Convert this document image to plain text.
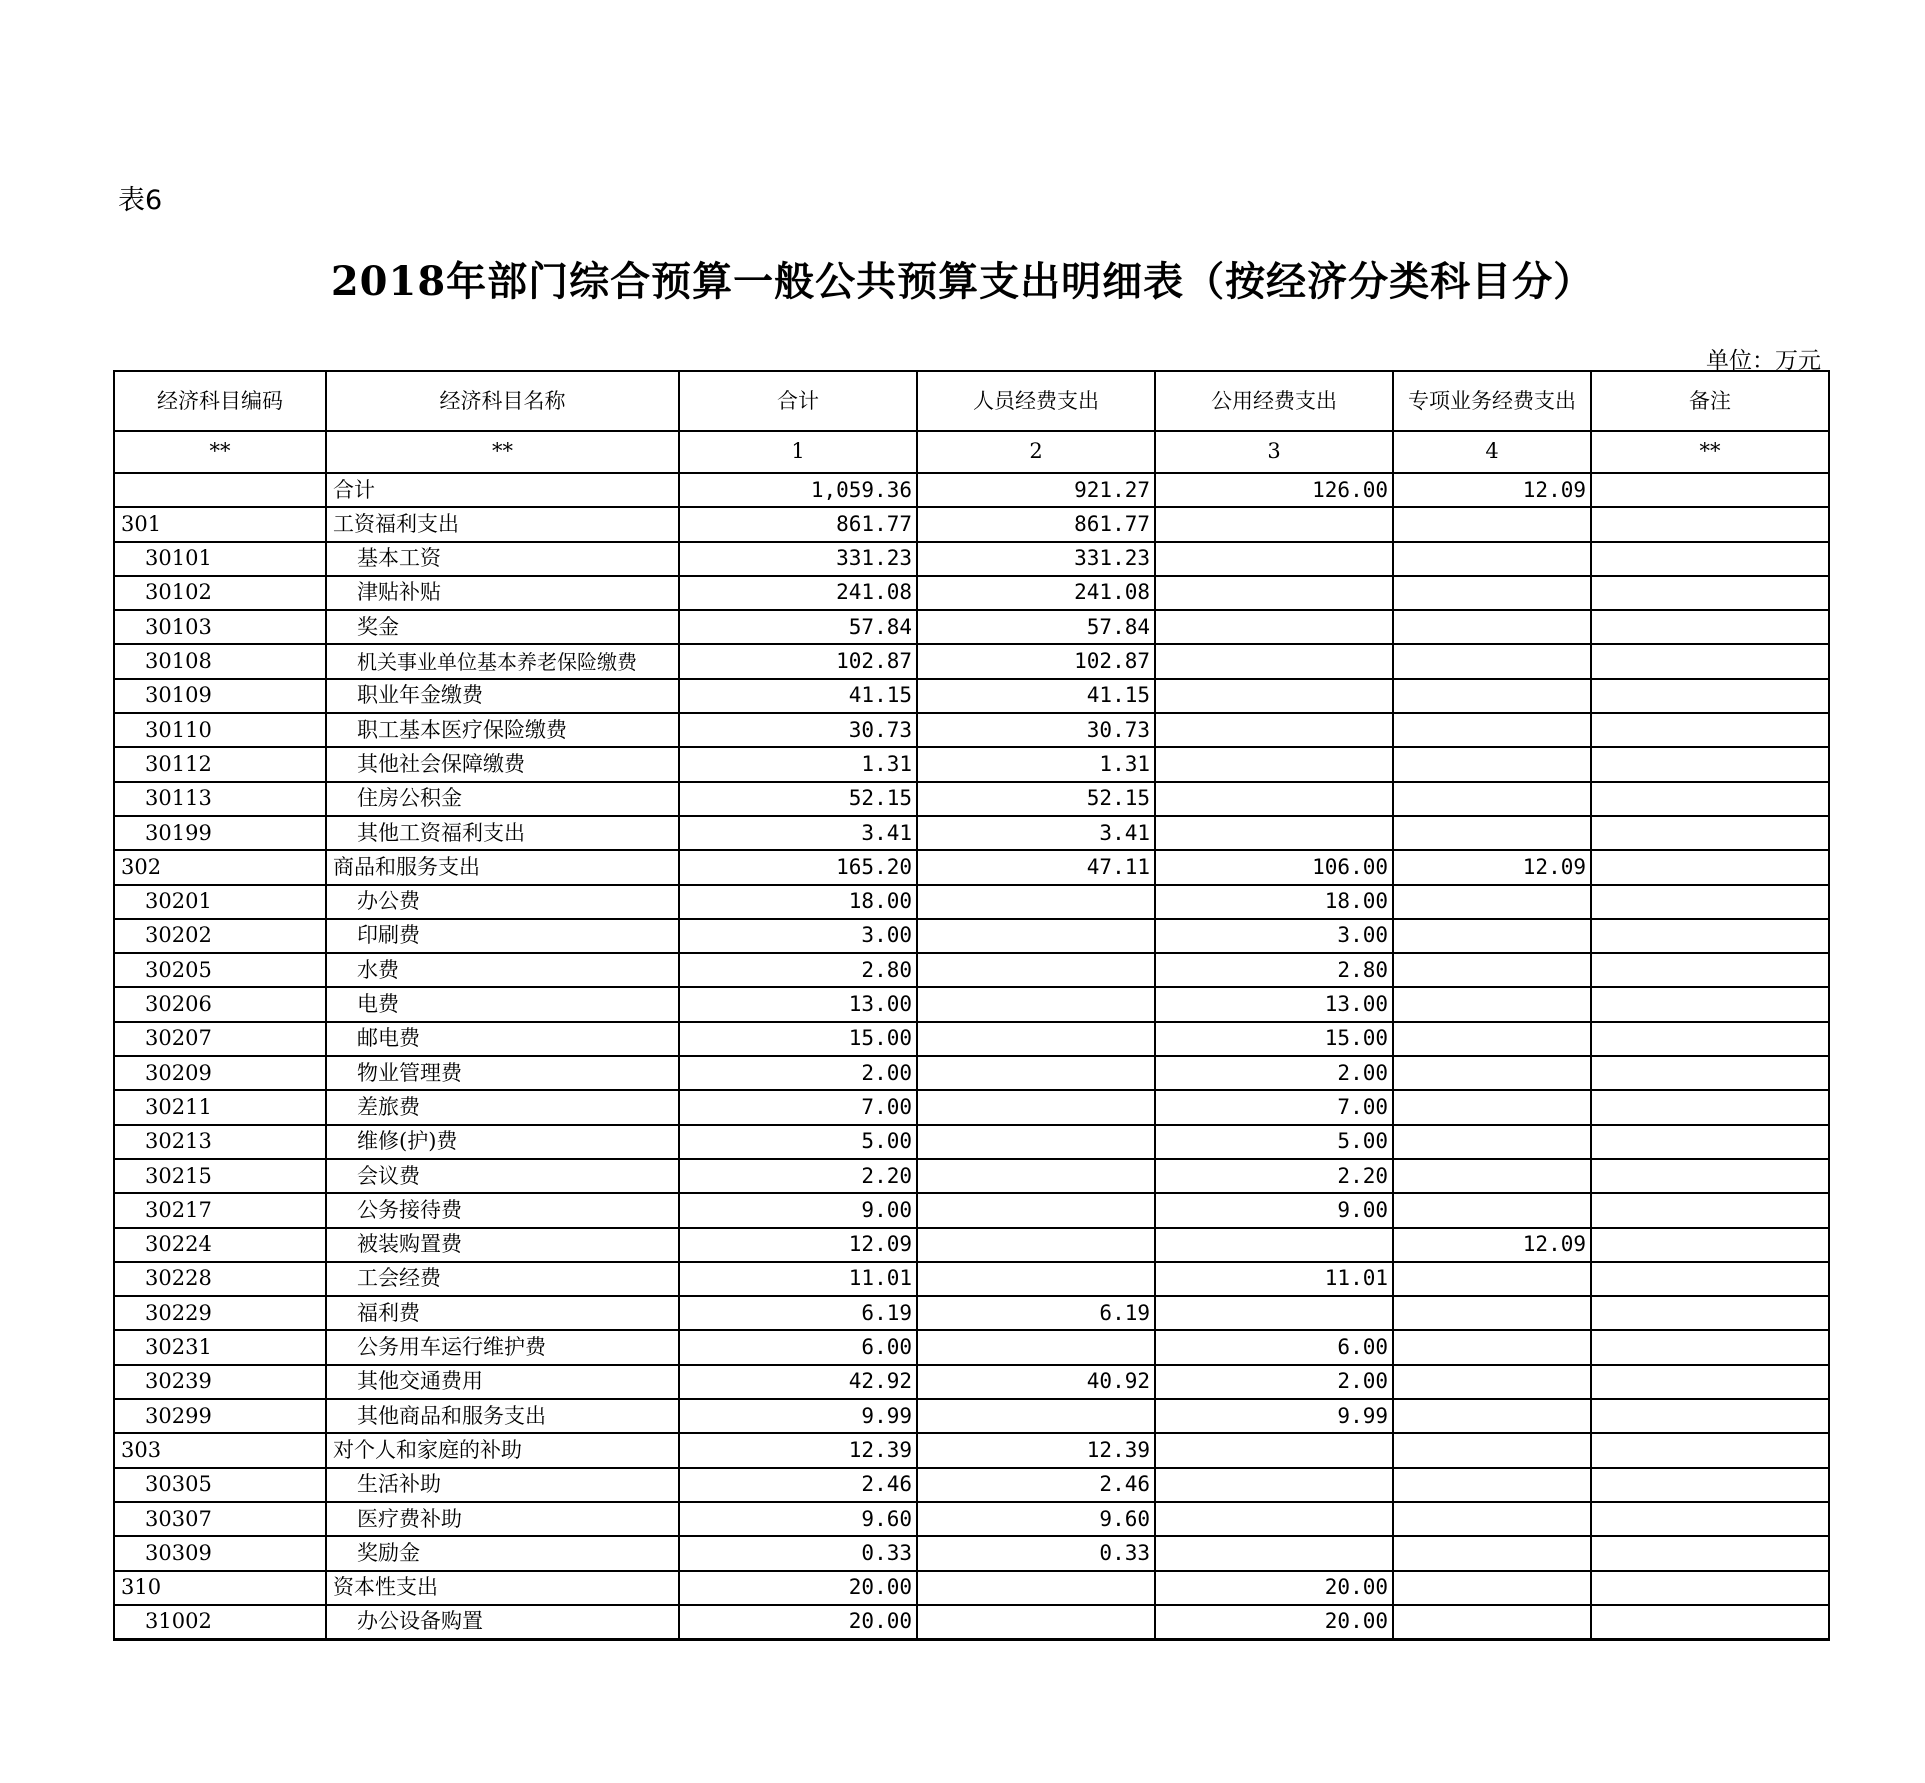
表6
2018年部门综合预算一般公共预算支出明细表（按经济分类科目分）
单位：万元
经济科目编码	经济科目名称	合计	人员经费支出	公用经费支出	专项业务经费支出	备注
**	**	1	2	3	4	**
	合计	1,059.36	921.27	126.00	12.09	
301	工资福利支出	861.77	861.77			
30101	基本工资	331.23	331.23			
30102	津贴补贴	241.08	241.08			
30103	奖金	57.84	57.84			
30108	机关事业单位基本养老保险缴费	102.87	102.87			
30109	职业年金缴费	41.15	41.15			
30110	职工基本医疗保险缴费	30.73	30.73			
30112	其他社会保障缴费	1.31	1.31			
30113	住房公积金	52.15	52.15			
30199	其他工资福利支出	3.41	3.41			
302	商品和服务支出	165.20	47.11	106.00	12.09	
30201	办公费	18.00		18.00		
30202	印刷费	3.00		3.00		
30205	水费	2.80		2.80		
30206	电费	13.00		13.00		
30207	邮电费	15.00		15.00		
30209	物业管理费	2.00		2.00		
30211	差旅费	7.00		7.00		
30213	维修(护)费	5.00		5.00		
30215	会议费	2.20		2.20		
30217	公务接待费	9.00		9.00		
30224	被装购置费	12.09			12.09	
30228	工会经费	11.01		11.01		
30229	福利费	6.19	6.19			
30231	公务用车运行维护费	6.00		6.00		
30239	其他交通费用	42.92	40.92	2.00		
30299	其他商品和服务支出	9.99		9.99		
303	对个人和家庭的补助	12.39	12.39			
30305	生活补助	2.46	2.46			
30307	医疗费补助	9.60	9.60			
30309	奖励金	0.33	0.33			
310	资本性支出	20.00		20.00		
31002	办公设备购置	20.00		20.00		
